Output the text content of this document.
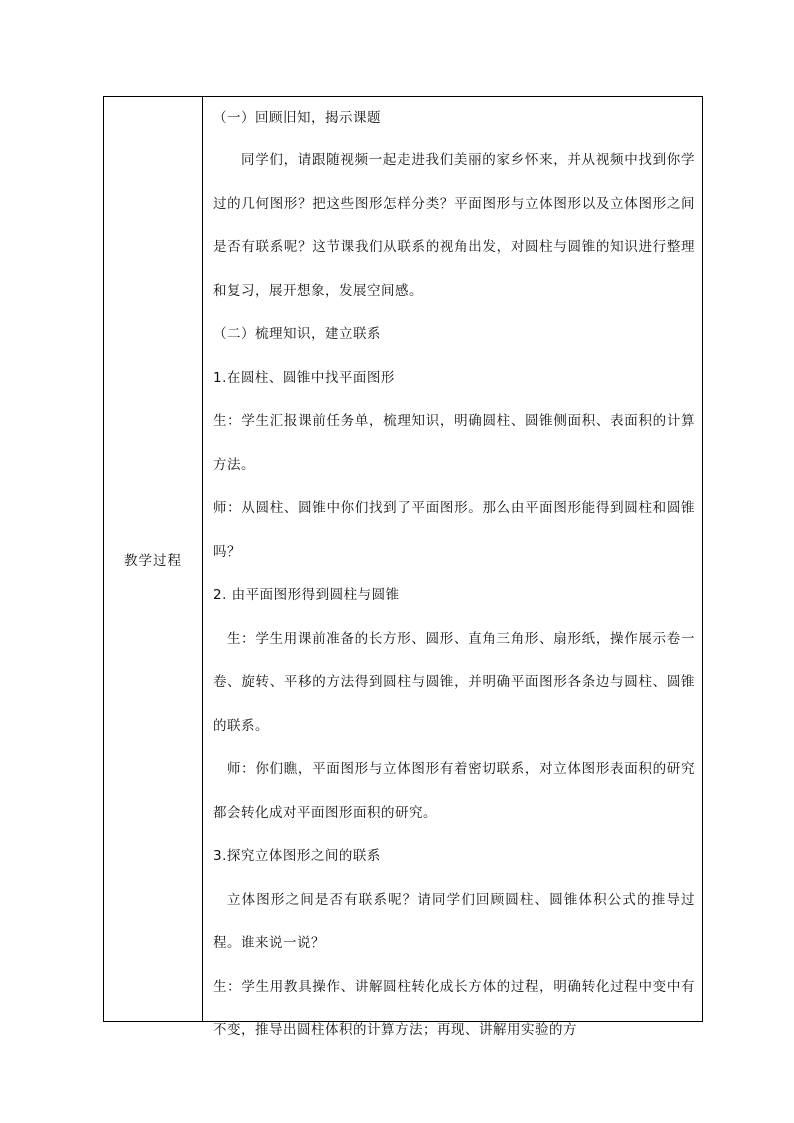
教学过程

（一）回顾旧知，揭示课题

同学们，请跟随视频一起走进我们美丽的家乡怀来，并从视频中找到你学过的几何图形？把这些图形怎样分类？平面图形与立体图形以及立体图形之间是否有联系呢？这节课我们从联系的视角出发，对圆柱与圆锥的知识进行整理和复习，展开想象，发展空间感。

（二）梳理知识，建立联系

1.在圆柱、圆锥中找平面图形

生：学生汇报课前任务单，梳理知识，明确圆柱、圆锥侧面积、表面积的计算方法。

师：从圆柱、圆锥中你们找到了平面图形。那么由平面图形能得到圆柱和圆锥吗？

2. 由平面图形得到圆柱与圆锥

生：学生用课前准备的长方形、圆形、直角三角形、扇形纸，操作展示卷一卷、旋转、平移的方法得到圆柱与圆锥，并明确平面图形各条边与圆柱、圆锥的联系。

师：你们瞧，平面图形与立体图形有着密切联系，对立体图形表面积的研究都会转化成对平面图形面积的研究。

3.探究立体图形之间的联系

立体图形之间是否有联系呢？请同学们回顾圆柱、圆锥体积公式的推导过程。谁来说一说？

生：学生用教具操作、讲解圆柱转化成长方体的过程，明确转化过程中变中有不变，推导出圆柱体积的计算方法；再现、讲解用实验的方
